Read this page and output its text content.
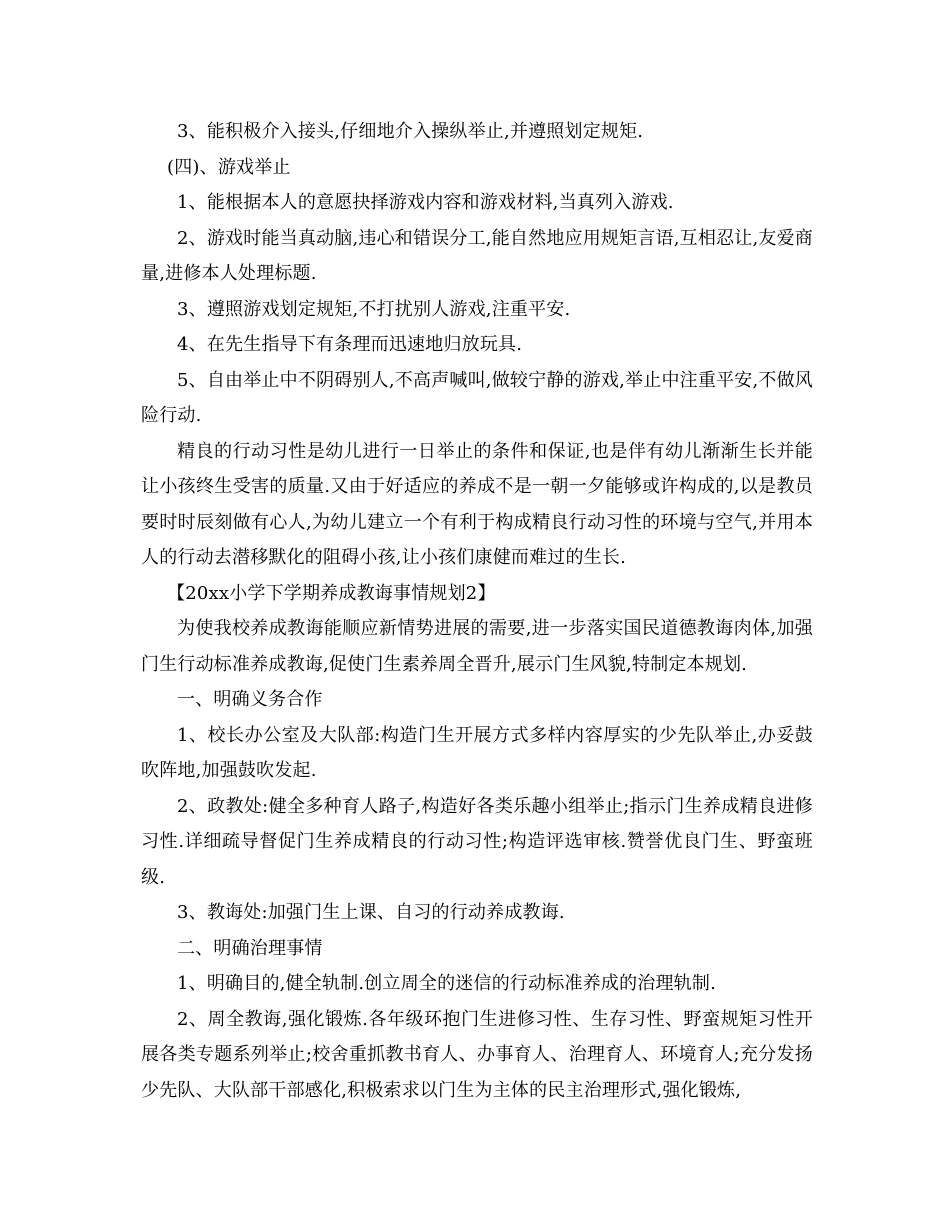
3、能积极介入接头,仔细地介入操纵举止,并遵照划定规矩.

(四)、游戏举止

1、能根据本人的意愿抉择游戏内容和游戏材料,当真列入游戏.

2、游戏时能当真动脑,违心和错误分工,能自然地应用规矩言语,互相忍让,友爱商量,进修本人处理标题.

3、遵照游戏划定规矩,不打扰别人游戏,注重平安.

4、在先生指导下有条理而迅速地归放玩具.

5、自由举止中不阴碍别人,不高声喊叫,做较宁静的游戏,举止中注重平安,不做风险行动.

精良的行动习性是幼儿进行一日举止的条件和保证,也是伴有幼儿渐渐生长并能让小孩终生受害的质量.又由于好适应的养成不是一朝一夕能够或许构成的,以是教员要时时辰刻做有心人,为幼儿建立一个有利于构成精良行动习性的环境与空气,并用本人的行动去潜移默化的阻碍小孩,让小孩们康健而难过的生长.

【20xx小学下学期养成教诲事情规划2】

为使我校养成教诲能顺应新情势进展的需要,进一步落实国民道德教诲肉体,加强门生行动标准养成教诲,促使门生素养周全晋升,展示门生风貌,特制定本规划.

一、明确义务合作

1、校长办公室及大队部:构造门生开展方式多样内容厚实的少先队举止,办妥鼓吹阵地,加强鼓吹发起.

2、政教处:健全多种育人路子,构造好各类乐趣小组举止;指示门生养成精良进修习性.详细疏导督促门生养成精良的行动习性;构造评选审核.赞誉优良门生、野蛮班级.

3、教诲处:加强门生上课、自习的行动养成教诲.

二、明确治理事情

1、明确目的,健全轨制.创立周全的迷信的行动标准养成的治理轨制.

2、周全教诲,强化锻炼.各年级环抱门生进修习性、生存习性、野蛮规矩习性开展各类专题系列举止;校舍重抓教书育人、办事育人、治理育人、环境育人;充分发扬少先队、大队部干部感化,积极索求以门生为主体的民主治理形式,强化锻炼,
